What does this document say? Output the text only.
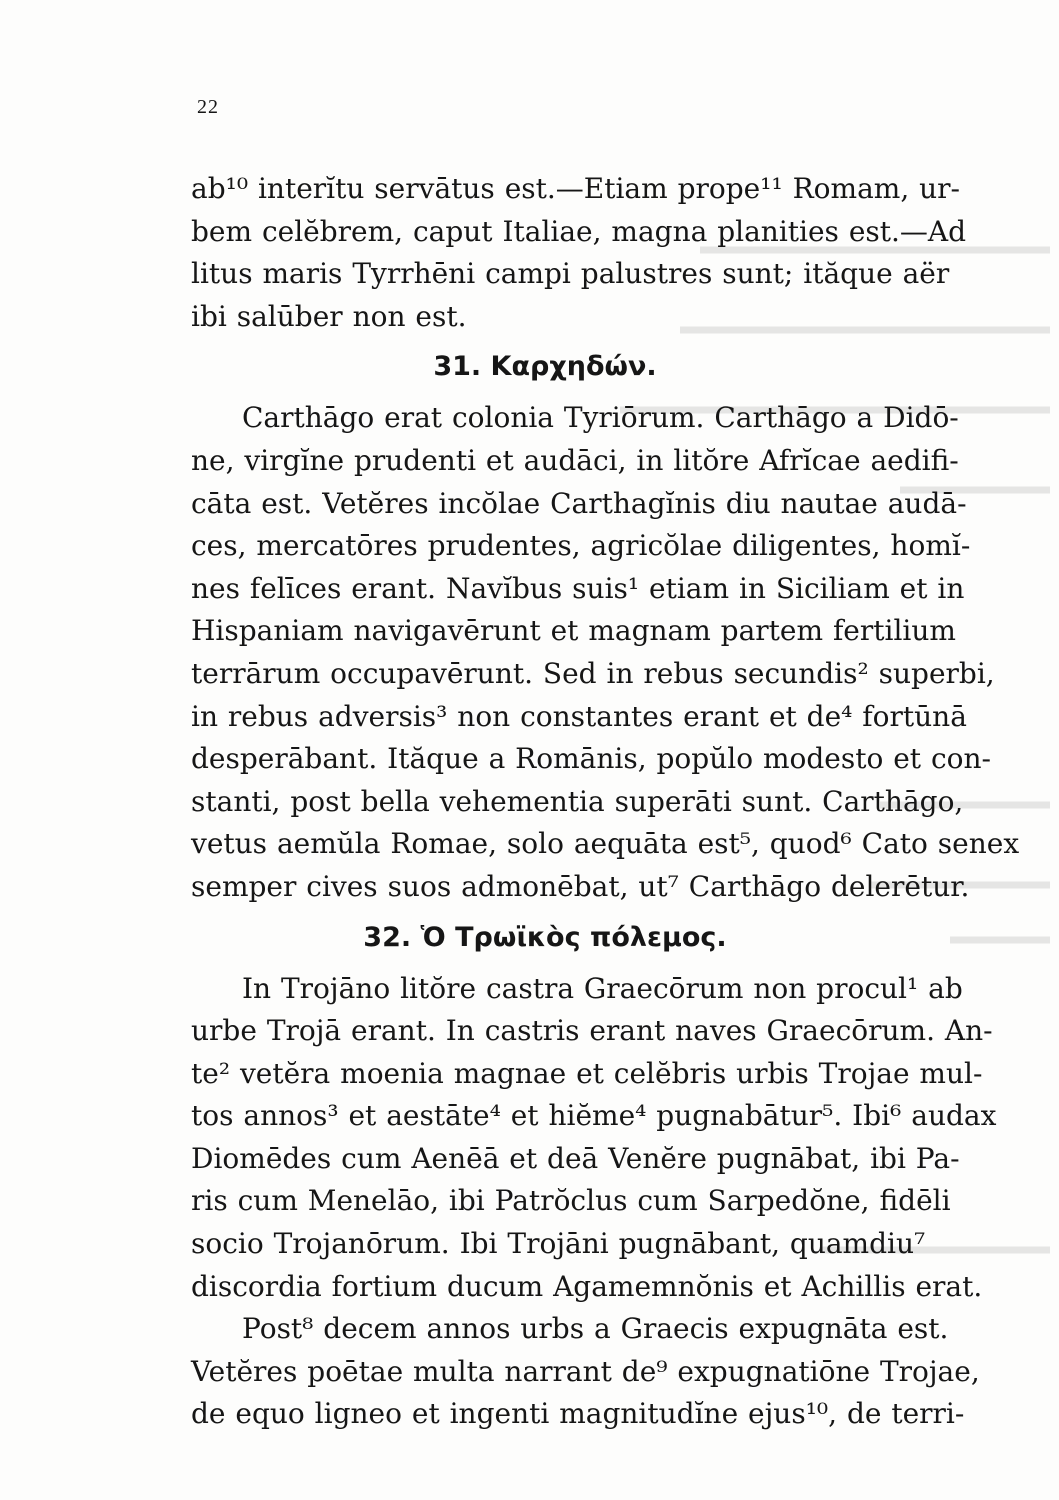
22
ab¹⁰ interĭtu servātus est.—Etiam prope¹¹ Romam, ur-
bem celĕbrem, caput Italiae, magna planities est.—Ad
litus maris Tyrrhēni campi palustres sunt; ităque aër
ibi salūber non est.
31. Καρχηδών.
Carthāgo erat colonia Tyriōrum. Carthāgo a Didō-
ne, virgĭne prudenti et audāci, in litŏre Afrĭcae aedifi-
cāta est. Vetĕres incŏlae Carthagĭnis diu nautae audā-
ces, mercatōres prudentes, agricŏlae diligentes, homĭ-
nes felīces erant. Navĭbus suis¹ etiam in Siciliam et in
Hispaniam navigavērunt et magnam partem fertilium
terrārum occupavērunt. Sed in rebus secundis² superbi,
in rebus adversis³ non constantes erant et de⁴ fortūnā
desperābant. Ităque a Romānis, popŭlo modesto et con-
stanti, post bella vehementia superāti sunt. Carthāgo,
vetus aemŭla Romae, solo aequāta est⁵, quod⁶ Cato senex
semper cives suos admonēbat, ut⁷ Carthāgo delerētur.
32. Ὁ Τρωϊκὸς πόλεμος.
In Trojāno litŏre castra Graecōrum non procul¹ ab
urbe Trojā erant. In castris erant naves Graecōrum. An-
te² vetĕra moenia magnae et celĕbris urbis Trojae mul-
tos annos³ et aestāte⁴ et hiĕme⁴ pugnabātur⁵. Ibi⁶ audax
Diomēdes cum Aenēā et deā Venĕre pugnābat, ibi Pa-
ris cum Menelāo, ibi Patrŏclus cum Sarpedŏne, fidēli
socio Trojanōrum. Ibi Trojāni pugnābant, quamdiu⁷
discordia fortium ducum Agamemnŏnis et Achillis erat.
Post⁸ decem annos urbs a Graecis expugnāta est.
Vetĕres poētae multa narrant de⁹ expugnatiōne Trojae,
de equo ligneo et ingenti magnitudĭne ejus¹⁰, de terri-
